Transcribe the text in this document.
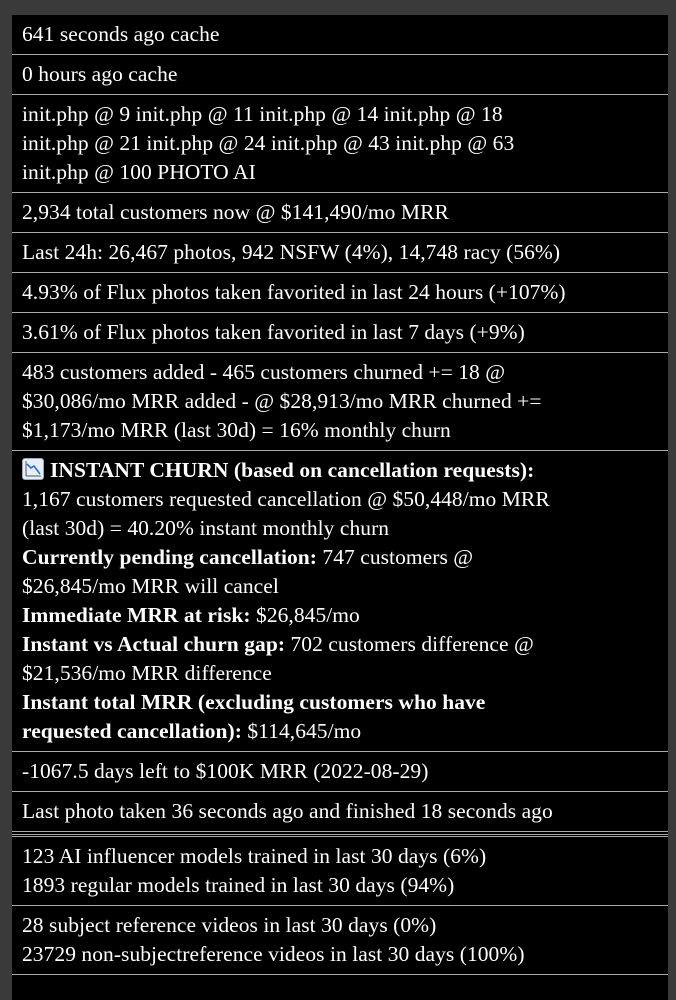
641 seconds ago cache
0 hours ago cache
init.php @ 9 init.php @ 11 init.php @ 14 init.php @ 18
init.php @ 21 init.php @ 24 init.php @ 43 init.php @ 63
init.php @ 100 PHOTO AI
2,934 total customers now @ $141,490/mo MRR
Last 24h: 26,467 photos, 942 NSFW (4%), 14,748 racy (56%)
4.93% of Flux photos taken favorited in last 24 hours (+107%)
3.61% of Flux photos taken favorited in last 7 days (+9%)
483 customers added - 465 customers churned += 18 @
$30,086/mo MRR added - @ $28,913/mo MRR churned +=
$1,173/mo MRR (last 30d) = 16% monthly churn
INSTANT CHURN (based on cancellation requests):
1,167 customers requested cancellation @ $50,448/mo MRR
(last 30d) = 40.20% instant monthly churn
Currently pending cancellation: 747 customers @
$26,845/mo MRR will cancel
Immediate MRR at risk: $26,845/mo
Instant vs Actual churn gap: 702 customers difference @
$21,536/mo MRR difference
Instant total MRR (excluding customers who have
requested cancellation): $114,645/mo
-1067.5 days left to $100K MRR (2022-08-29)
Last photo taken 36 seconds ago and finished 18 seconds ago
123 AI influencer models trained in last 30 days (6%)
1893 regular models trained in last 30 days (94%)
28 subject reference videos in last 30 days (0%)
23729 non-subjectreference videos in last 30 days (100%)
